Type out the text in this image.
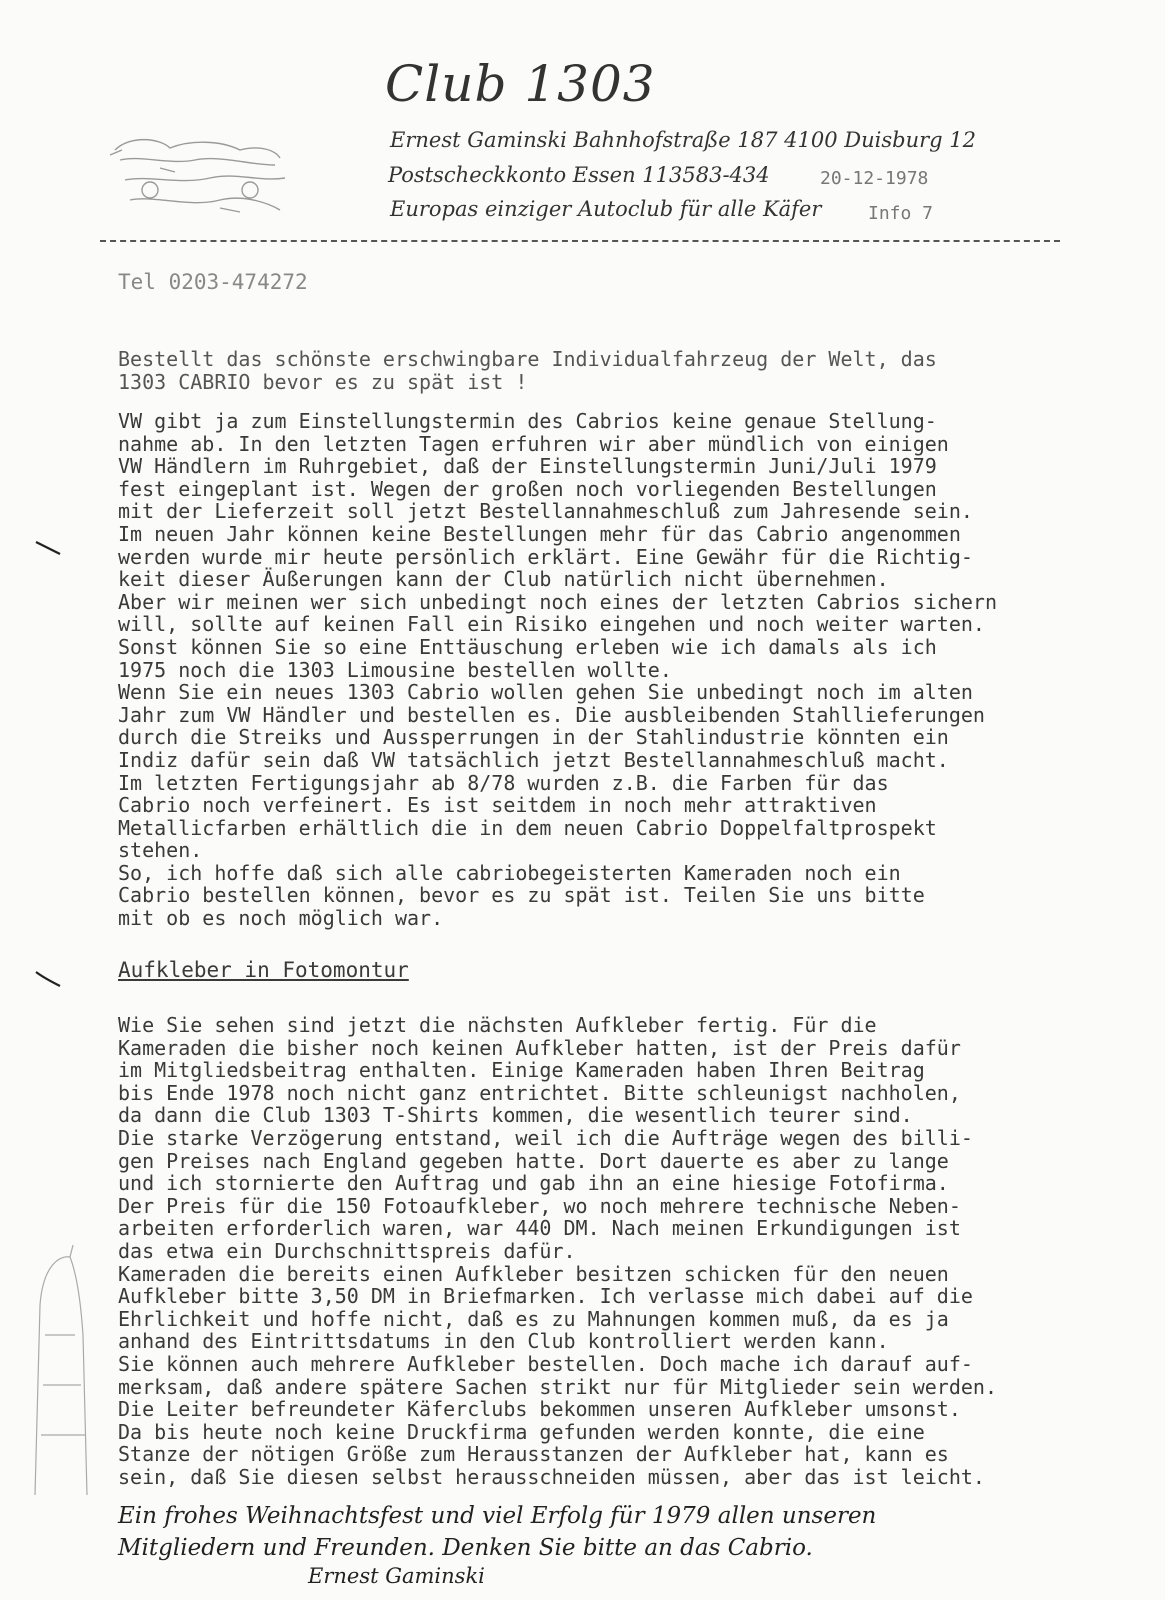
Club 1303
Ernest Gaminski Bahnhofstraße 187 4100 Duisburg 12
Postscheckkonto Essen 113583-434
Europas einziger Autoclub für alle Käfer
20-12-1978
Info 7
Tel 0203-474272

Bestellt das schönste erschwingbare Individualfahrzeug der Welt, das
1303 CABRIO bevor es zu spät ist !

VW gibt ja zum Einstellungstermin des Cabrios keine genaue Stellung-
nahme ab. In den letzten Tagen erfuhren wir aber mündlich von einigen
VW Händlern im Ruhrgebiet, daß der Einstellungstermin Juni/Juli 1979
fest eingeplant ist. Wegen der großen noch vorliegenden Bestellungen
mit der Lieferzeit soll jetzt Bestellannahmeschluß zum Jahresende sein.
Im neuen Jahr können keine Bestellungen mehr für das Cabrio angenommen
werden wurde mir heute persönlich erklärt. Eine Gewähr für die Richtig-
keit dieser Äußerungen kann der Club natürlich nicht übernehmen.
Aber wir meinen wer sich unbedingt noch eines der letzten Cabrios sichern
will, sollte auf keinen Fall ein Risiko eingehen und noch weiter warten.
Sonst können Sie so eine Enttäuschung erleben wie ich damals als ich
1975 noch die 1303 Limousine bestellen wollte.
Wenn Sie ein neues 1303 Cabrio wollen gehen Sie unbedingt noch im alten
Jahr zum VW Händler und bestellen es. Die ausbleibenden Stahllieferungen
durch die Streiks und Aussperrungen in der Stahlindustrie könnten ein
Indiz dafür sein daß VW tatsächlich jetzt Bestellannahmeschluß macht.
Im letzten Fertigungsjahr ab 8/78 wurden z.B. die Farben für das
Cabrio noch verfeinert. Es ist seitdem in noch mehr attraktiven
Metallicfarben erhältlich die in dem neuen Cabrio Doppelfaltprospekt
stehen.
So, ich hoffe daß sich alle cabriobegeisterten Kameraden noch ein
Cabrio bestellen können, bevor es zu spät ist. Teilen Sie uns bitte
mit ob es noch möglich war.

Aufkleber in Fotomontur

Wie Sie sehen sind jetzt die nächsten Aufkleber fertig. Für die
Kameraden die bisher noch keinen Aufkleber hatten, ist der Preis dafür
im Mitgliedsbeitrag enthalten. Einige Kameraden haben Ihren Beitrag
bis Ende 1978 noch nicht ganz entrichtet. Bitte schleunigst nachholen,
da dann die Club 1303 T-Shirts kommen, die wesentlich teurer sind.
Die starke Verzögerung entstand, weil ich die Aufträge wegen des billi-
gen Preises nach England gegeben hatte. Dort dauerte es aber zu lange
und ich stornierte den Auftrag und gab ihn an eine hiesige Fotofirma.
Der Preis für die 150 Fotoaufkleber, wo noch mehrere technische Neben-
arbeiten erforderlich waren, war 440 DM. Nach meinen Erkundigungen ist
das etwa ein Durchschnittspreis dafür.
Kameraden die bereits einen Aufkleber besitzen schicken für den neuen
Aufkleber bitte 3,50 DM in Briefmarken. Ich verlasse mich dabei auf die
Ehrlichkeit und hoffe nicht, daß es zu Mahnungen kommen muß, da es ja
anhand des Eintrittsdatums in den Club kontrolliert werden kann.
Sie können auch mehrere Aufkleber bestellen. Doch mache ich darauf auf-
merksam, daß andere spätere Sachen strikt nur für Mitglieder sein werden.
Die Leiter befreundeter Käferclubs bekommen unseren Aufkleber umsonst.
Da bis heute noch keine Druckfirma gefunden werden konnte, die eine
Stanze der nötigen Größe zum Herausstanzen der Aufkleber hat, kann es
sein, daß Sie diesen selbst herausschneiden müssen, aber das ist leicht.

Ein frohes Weihnachtsfest und viel Erfolg für 1979 allen unseren
Mitgliedern und Freunden. Denken Sie bitte an das Cabrio.
Ernest Gaminski
